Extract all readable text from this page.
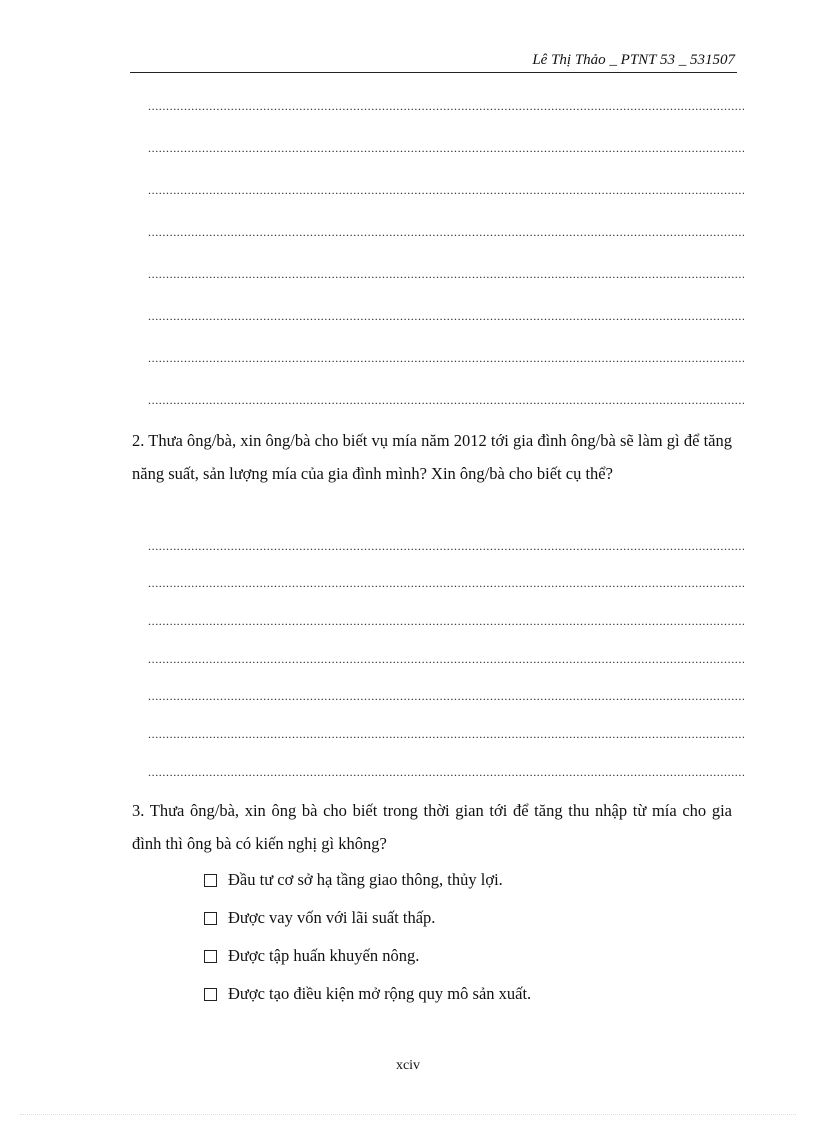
Lê Thị Thảo _ PTNT 53 _ 531507
.....
.....
.....
.....
.....
.....
.....
.....
2. Thưa ông/bà, xin ông/bà cho biết vụ mía năm 2012 tới gia đình ông/bà sẽ làm gì để tăng năng suất, sản lượng mía của gia đình mình? Xin ông/bà cho biết cụ thể?
.....
.....
.....
.....
.....
.....
.....
3. Thưa ông/bà, xin ông bà cho biết trong thời gian tới để tăng thu nhập từ mía cho gia đình thì ông bà có kiến nghị gì không?
Đầu tư cơ sở hạ tầng giao thông, thủy lợi.
Được vay vốn với lãi suất thấp.
Được tập huấn khuyến nông.
Được tạo điều kiện mở rộng quy mô sản xuất.
xciv
